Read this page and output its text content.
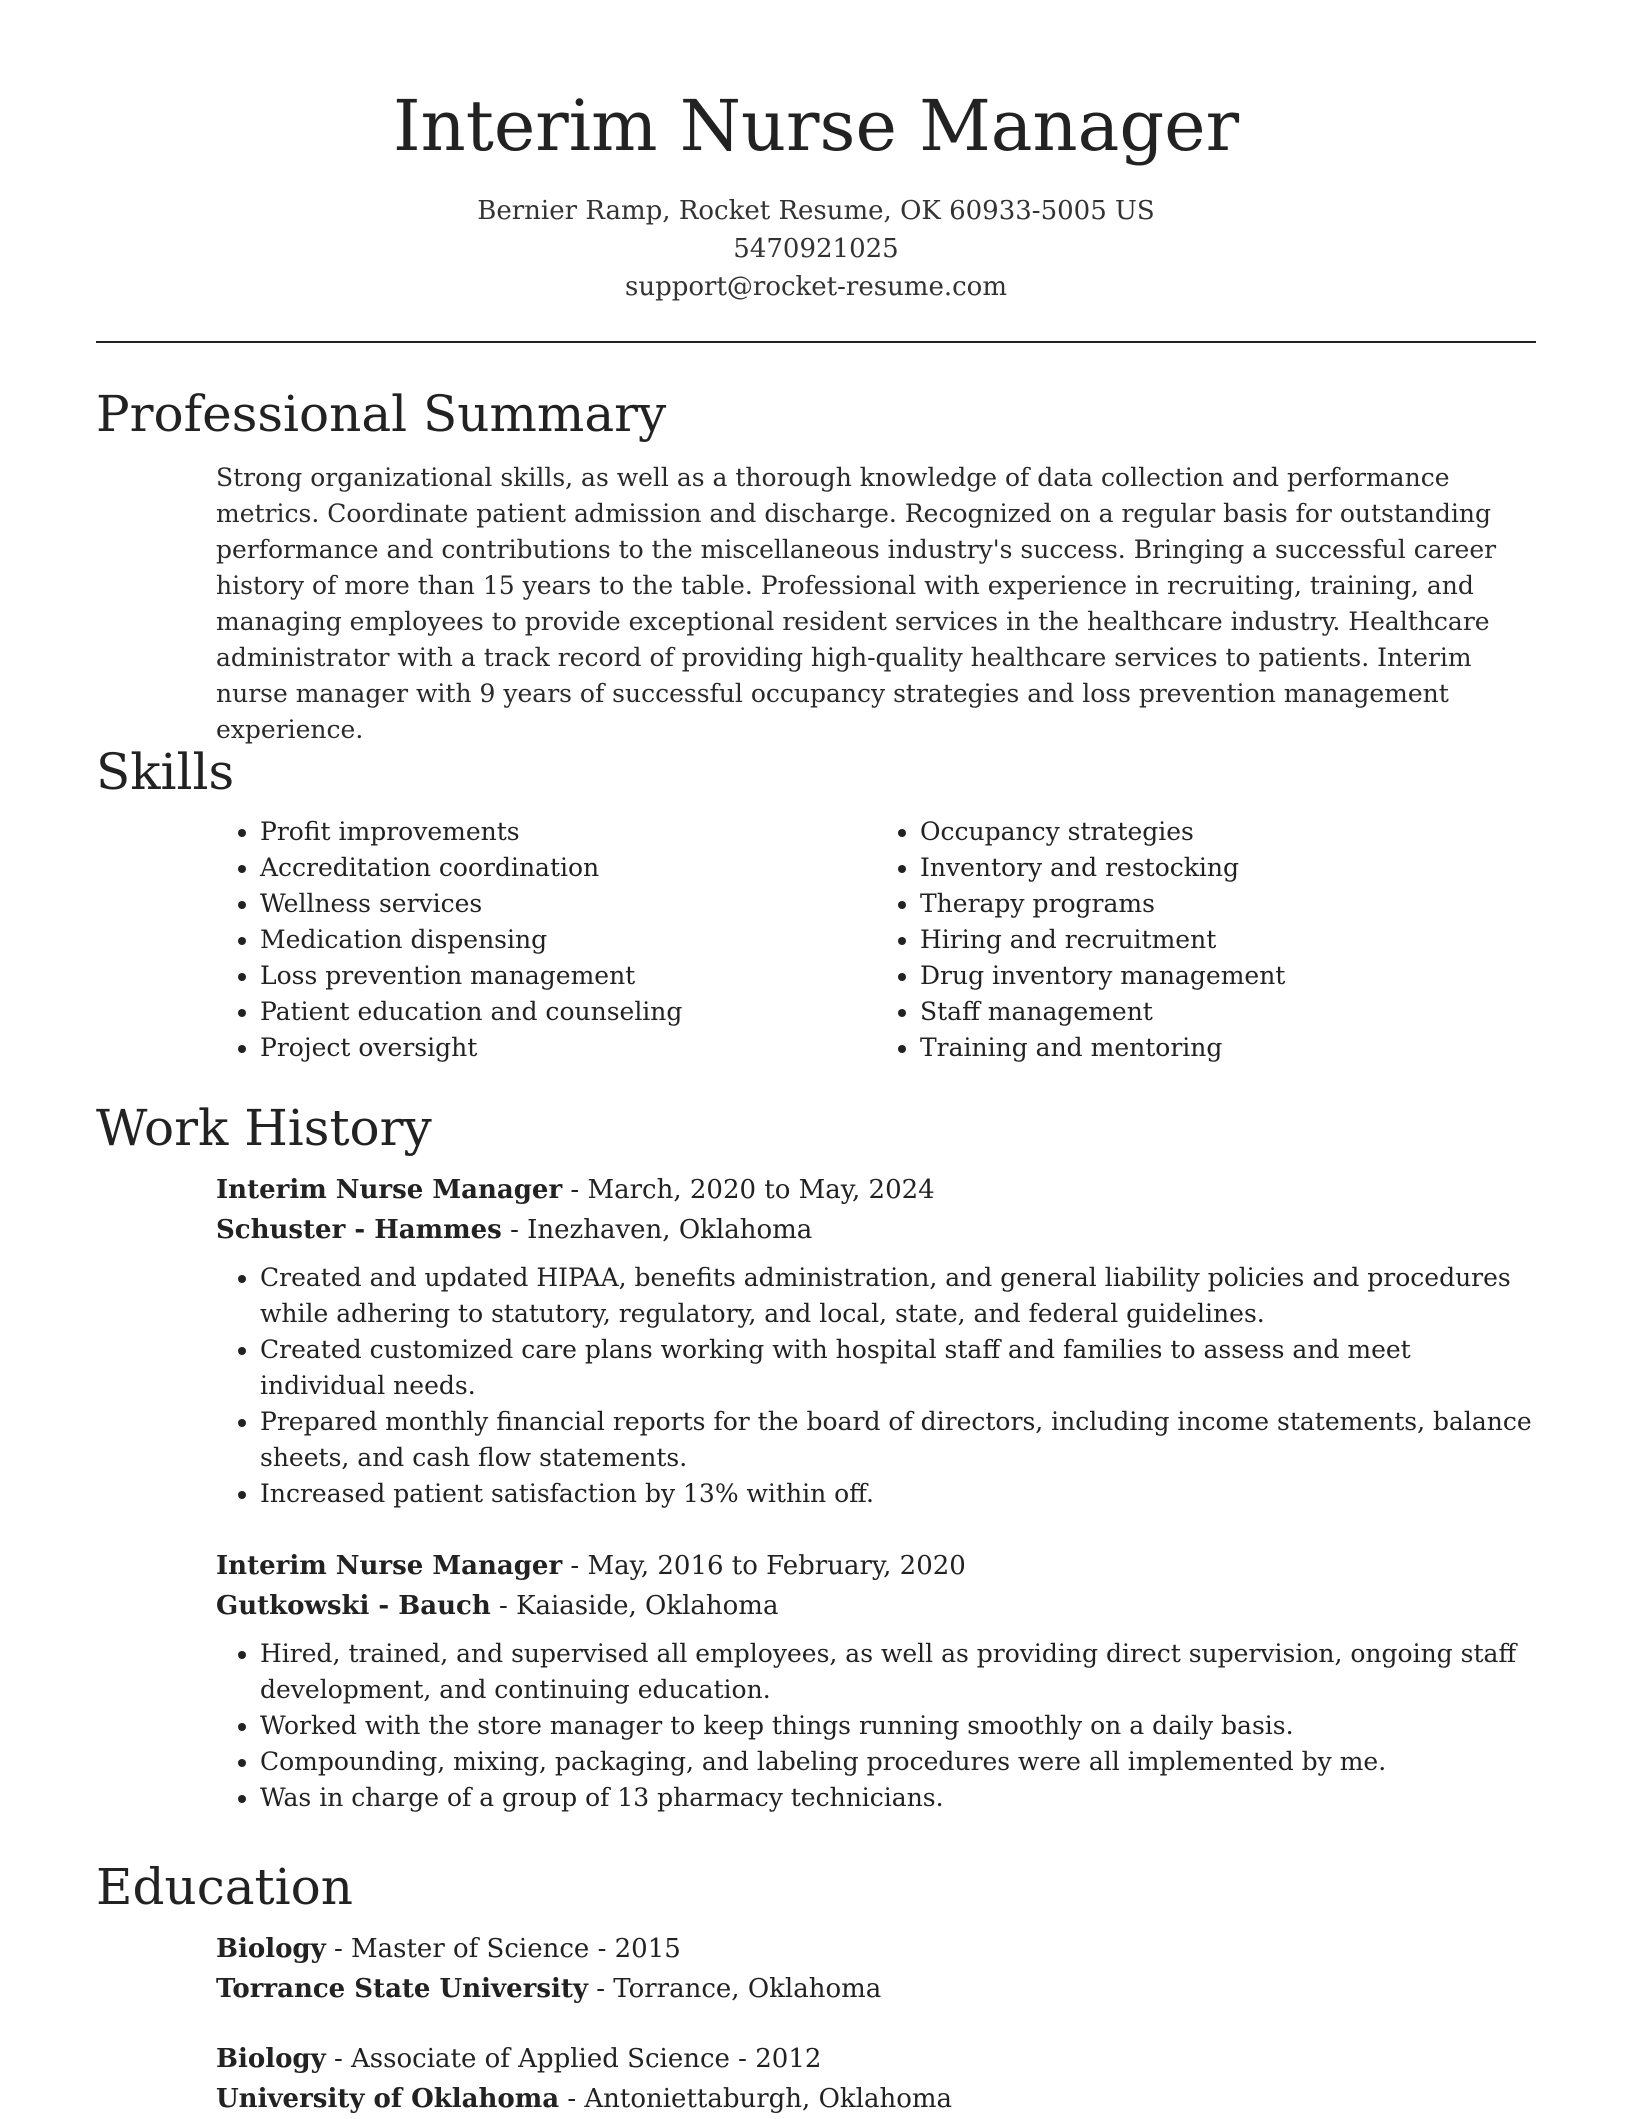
Interim Nurse Manager
Bernier Ramp, Rocket Resume, OK 60933-5005 US
5470921025
support@rocket-resume.com
Professional Summary
Strong organizational skills, as well as a thorough knowledge of data collection and performance metrics. Coordinate patient admission and discharge. Recognized on a regular basis for outstanding performance and contributions to the miscellaneous industry's success. Bringing a successful career history of more than 15 years to the table. Professional with experience in recruiting, training, and managing employees to provide exceptional resident services in the healthcare industry. Healthcare administrator with a track record of providing high-quality healthcare services to patients. Interim nurse manager with 9 years of successful occupancy strategies and loss prevention management experience.
Skills
• Profit improvements
• Accreditation coordination
• Wellness services
• Medication dispensing
• Loss prevention management
• Patient education and counseling
• Project oversight
• Occupancy strategies
• Inventory and restocking
• Therapy programs
• Hiring and recruitment
• Drug inventory management
• Staff management
• Training and mentoring
Work History
Interim Nurse Manager - March, 2020 to May, 2024
Schuster - Hammes - Inezhaven, Oklahoma
• Created and updated HIPAA, benefits administration, and general liability policies and procedures while adhering to statutory, regulatory, and local, state, and federal guidelines.
• Created customized care plans working with hospital staff and families to assess and meet individual needs.
• Prepared monthly financial reports for the board of directors, including income statements, balance sheets, and cash flow statements.
• Increased patient satisfaction by 13% within off.
Interim Nurse Manager - May, 2016 to February, 2020
Gutkowski - Bauch - Kaiaside, Oklahoma
• Hired, trained, and supervised all employees, as well as providing direct supervision, ongoing staff development, and continuing education.
• Worked with the store manager to keep things running smoothly on a daily basis.
• Compounding, mixing, packaging, and labeling procedures were all implemented by me.
• Was in charge of a group of 13 pharmacy technicians.
Education
Biology - Master of Science - 2015
Torrance State University - Torrance, Oklahoma
Biology - Associate of Applied Science - 2012
University of Oklahoma - Antoniettaburgh, Oklahoma
